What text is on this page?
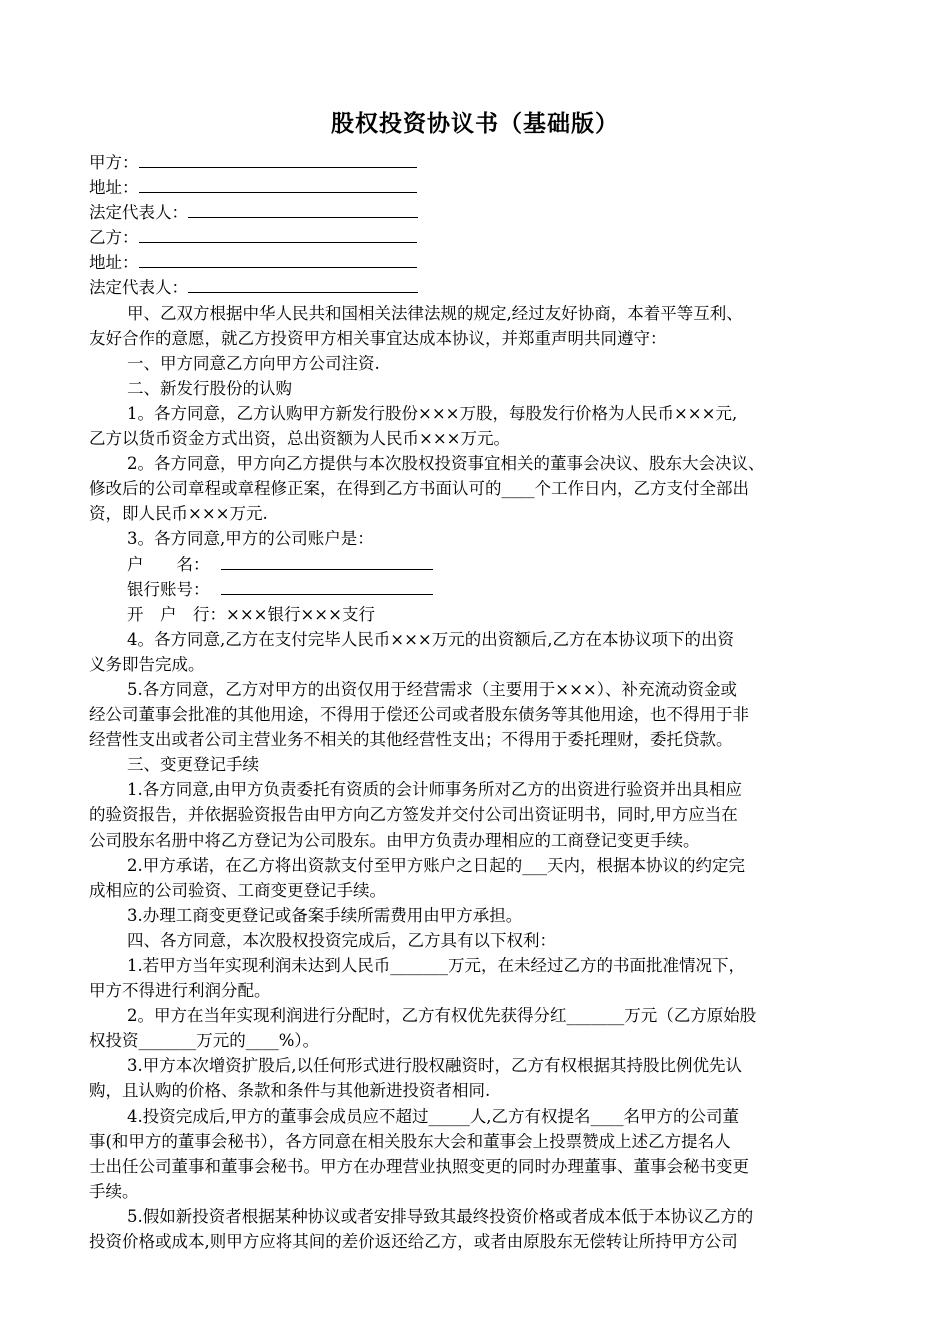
股权投资协议书（基础版）
甲方：
地址：
法定代表人：
乙方：
地址：
法定代表人：
甲、乙双方根据中华人民共和国相关法律法规的规定,经过友好协商，本着平等互利、
友好合作的意愿，就乙方投资甲方相关事宜达成本协议，并郑重声明共同遵守：
一、甲方同意乙方向甲方公司注资.
二、新发行股份的认购
1。各方同意，乙方认购甲方新发行股份×××万股，每股发行价格为人民币×××元,
乙方以货币资金方式出资，总出资额为人民币×××万元。
2。各方同意，甲方向乙方提供与本次股权投资事宜相关的董事会决议、股东大会决议、
修改后的公司章程或章程修正案，在得到乙方书面认可的____个工作日内，乙方支付全部出
资，即人民币×××万元.
3。各方同意,甲方的公司账户是：
户　　名：
银行账号：
开　户　行：×××银行×××支行
4。各方同意,乙方在支付完毕人民币×××万元的出资额后,乙方在本协议项下的出资
义务即告完成。
5.各方同意，乙方对甲方的出资仅用于经营需求（主要用于×××）、补充流动资金或
经公司董事会批准的其他用途，不得用于偿还公司或者股东债务等其他用途，也不得用于非
经营性支出或者公司主营业务不相关的其他经营性支出；不得用于委托理财，委托贷款。
三、变更登记手续
1.各方同意,由甲方负责委托有资质的会计师事务所对乙方的出资进行验资并出具相应
的验资报告，并依据验资报告由甲方向乙方签发并交付公司出资证明书，同时,甲方应当在
公司股东名册中将乙方登记为公司股东。由甲方负责办理相应的工商登记变更手续。
2.甲方承诺，在乙方将出资款支付至甲方账户之日起的___天内，根据本协议的约定完
成相应的公司验资、工商变更登记手续。
3.办理工商变更登记或备案手续所需费用由甲方承担。
四、各方同意，本次股权投资完成后，乙方具有以下权利：
1.若甲方当年实现利润未达到人民币_______万元，在未经过乙方的书面批准情况下，
甲方不得进行利润分配。
2。甲方在当年实现利润进行分配时，乙方有权优先获得分红_______万元（乙方原始股
权投资_______万元的____%）。
3.甲方本次增资扩股后,以任何形式进行股权融资时，乙方有权根据其持股比例优先认
购，且认购的价格、条款和条件与其他新进投资者相同.
4.投资完成后,甲方的董事会成员应不超过_____人,乙方有权提名____名甲方的公司董
事(和甲方的董事会秘书），各方同意在相关股东大会和董事会上投票赞成上述乙方提名人
士出任公司董事和董事会秘书。甲方在办理营业执照变更的同时办理董事、董事会秘书变更
手续。
5.假如新投资者根据某种协议或者安排导致其最终投资价格或者成本低于本协议乙方的
投资价格或成本,则甲方应将其间的差价返还给乙方，或者由原股东无偿转让所持甲方公司
